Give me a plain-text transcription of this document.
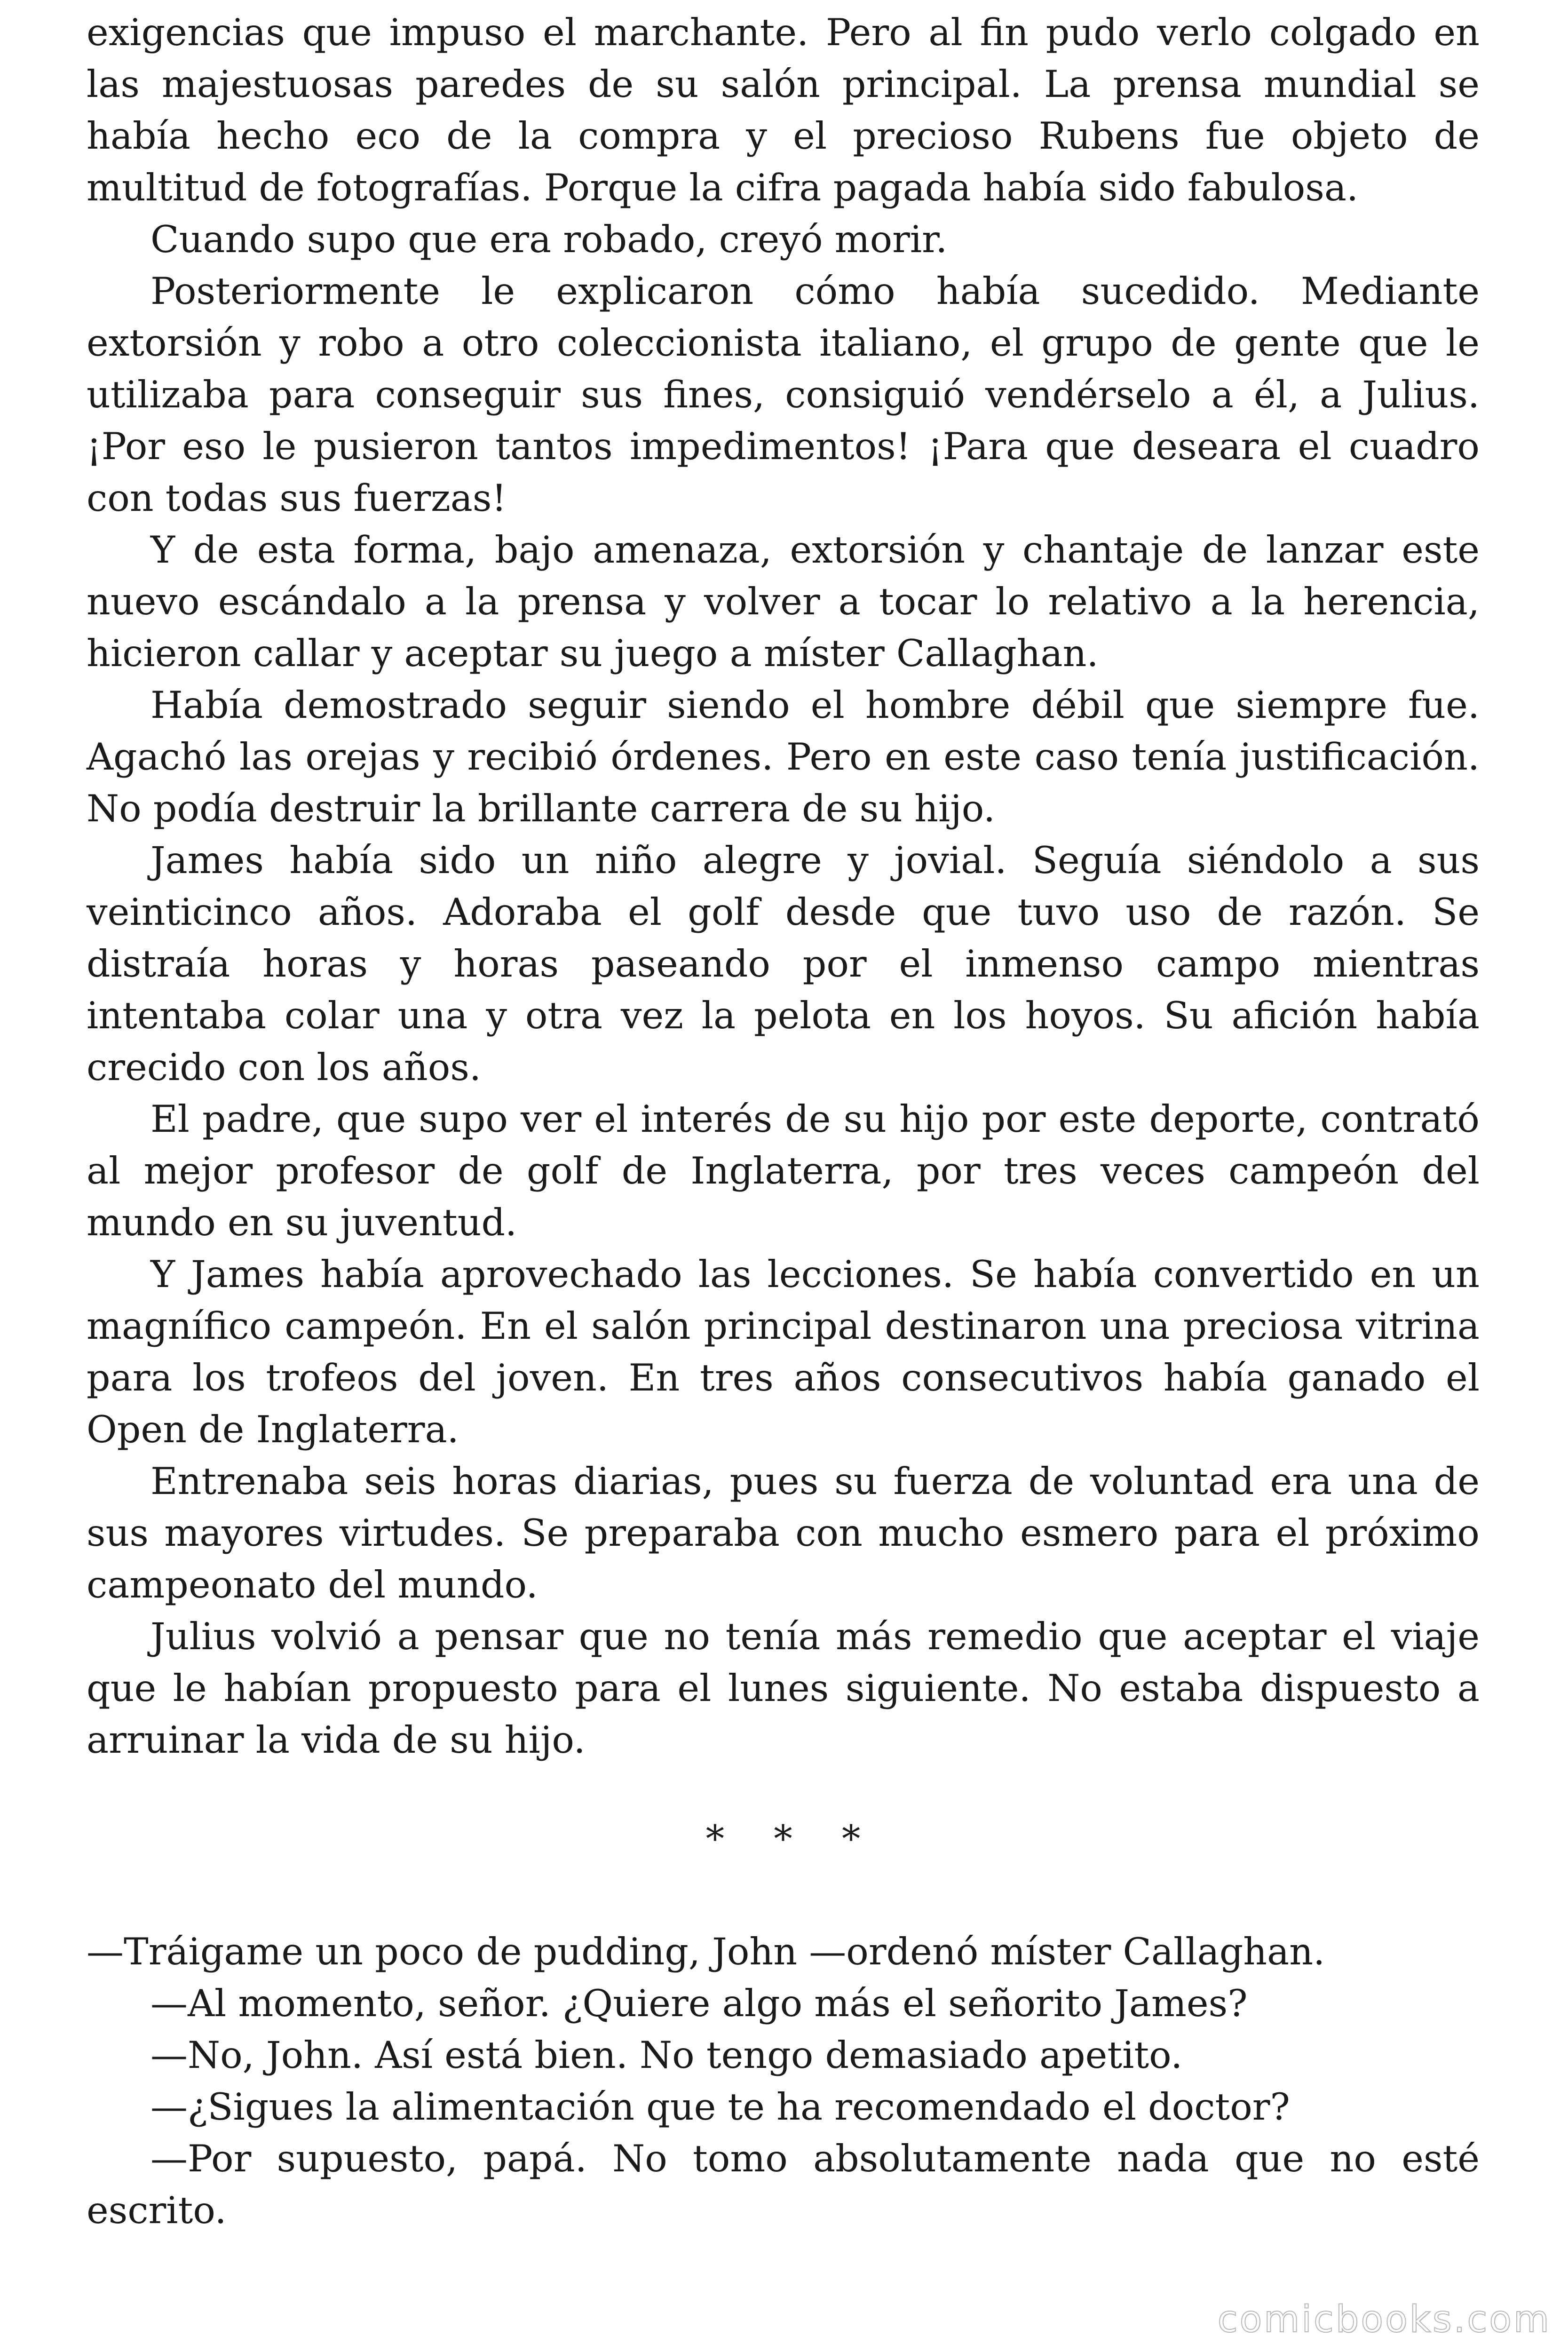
exigencias que impuso el marchante. Pero al fin pudo verlo colgado en las majestuosas paredes de su salón principal. La prensa mundial se había hecho eco de la compra y el precioso Rubens fue objeto de multitud de fotografías. Porque la cifra pagada había sido fabulosa.

Cuando supo que era robado, creyó morir.

Posteriormente le explicaron cómo había sucedido. Mediante extorsión y robo a otro coleccionista italiano, el grupo de gente que le utilizaba para conseguir sus fines, consiguió vendérselo a él, a Julius. ¡Por eso le pusieron tantos impedimentos! ¡Para que deseara el cuadro con todas sus fuerzas!

Y de esta forma, bajo amenaza, extorsión y chantaje de lanzar este nuevo escándalo a la prensa y volver a tocar lo relativo a la herencia, hicieron callar y aceptar su juego a míster Callaghan.

Había demostrado seguir siendo el hombre débil que siempre fue. Agachó las orejas y recibió órdenes. Pero en este caso tenía justificación. No podía destruir la brillante carrera de su hijo.

James había sido un niño alegre y jovial. Seguía siéndolo a sus veinticinco años. Adoraba el golf desde que tuvo uso de razón. Se distraía horas y horas paseando por el inmenso campo mientras intentaba colar una y otra vez la pelota en los hoyos. Su afición había crecido con los años.

El padre, que supo ver el interés de su hijo por este deporte, contrató al mejor profesor de golf de Inglaterra, por tres veces campeón del mundo en su juventud.

Y James había aprovechado las lecciones. Se había convertido en un magnífico campeón. En el salón principal destinaron una preciosa vitrina para los trofeos del joven. En tres años consecutivos había ganado el Open de Inglaterra.

Entrenaba seis horas diarias, pues su fuerza de voluntad era una de sus mayores virtudes. Se preparaba con mucho esmero para el próximo campeonato del mundo.

Julius volvió a pensar que no tenía más remedio que aceptar el viaje que le habían propuesto para el lunes siguiente. No estaba dispuesto a arruinar la vida de su hijo.

* * *

—Tráigame un poco de pudding, John —ordenó míster Callaghan.

—Al momento, señor. ¿Quiere algo más el señorito James?

—No, John. Así está bien. No tengo demasiado apetito.

—¿Sigues la alimentación que te ha recomendado el doctor?

—Por supuesto, papá. No tomo absolutamente nada que no esté escrito.

comicbooks.com
